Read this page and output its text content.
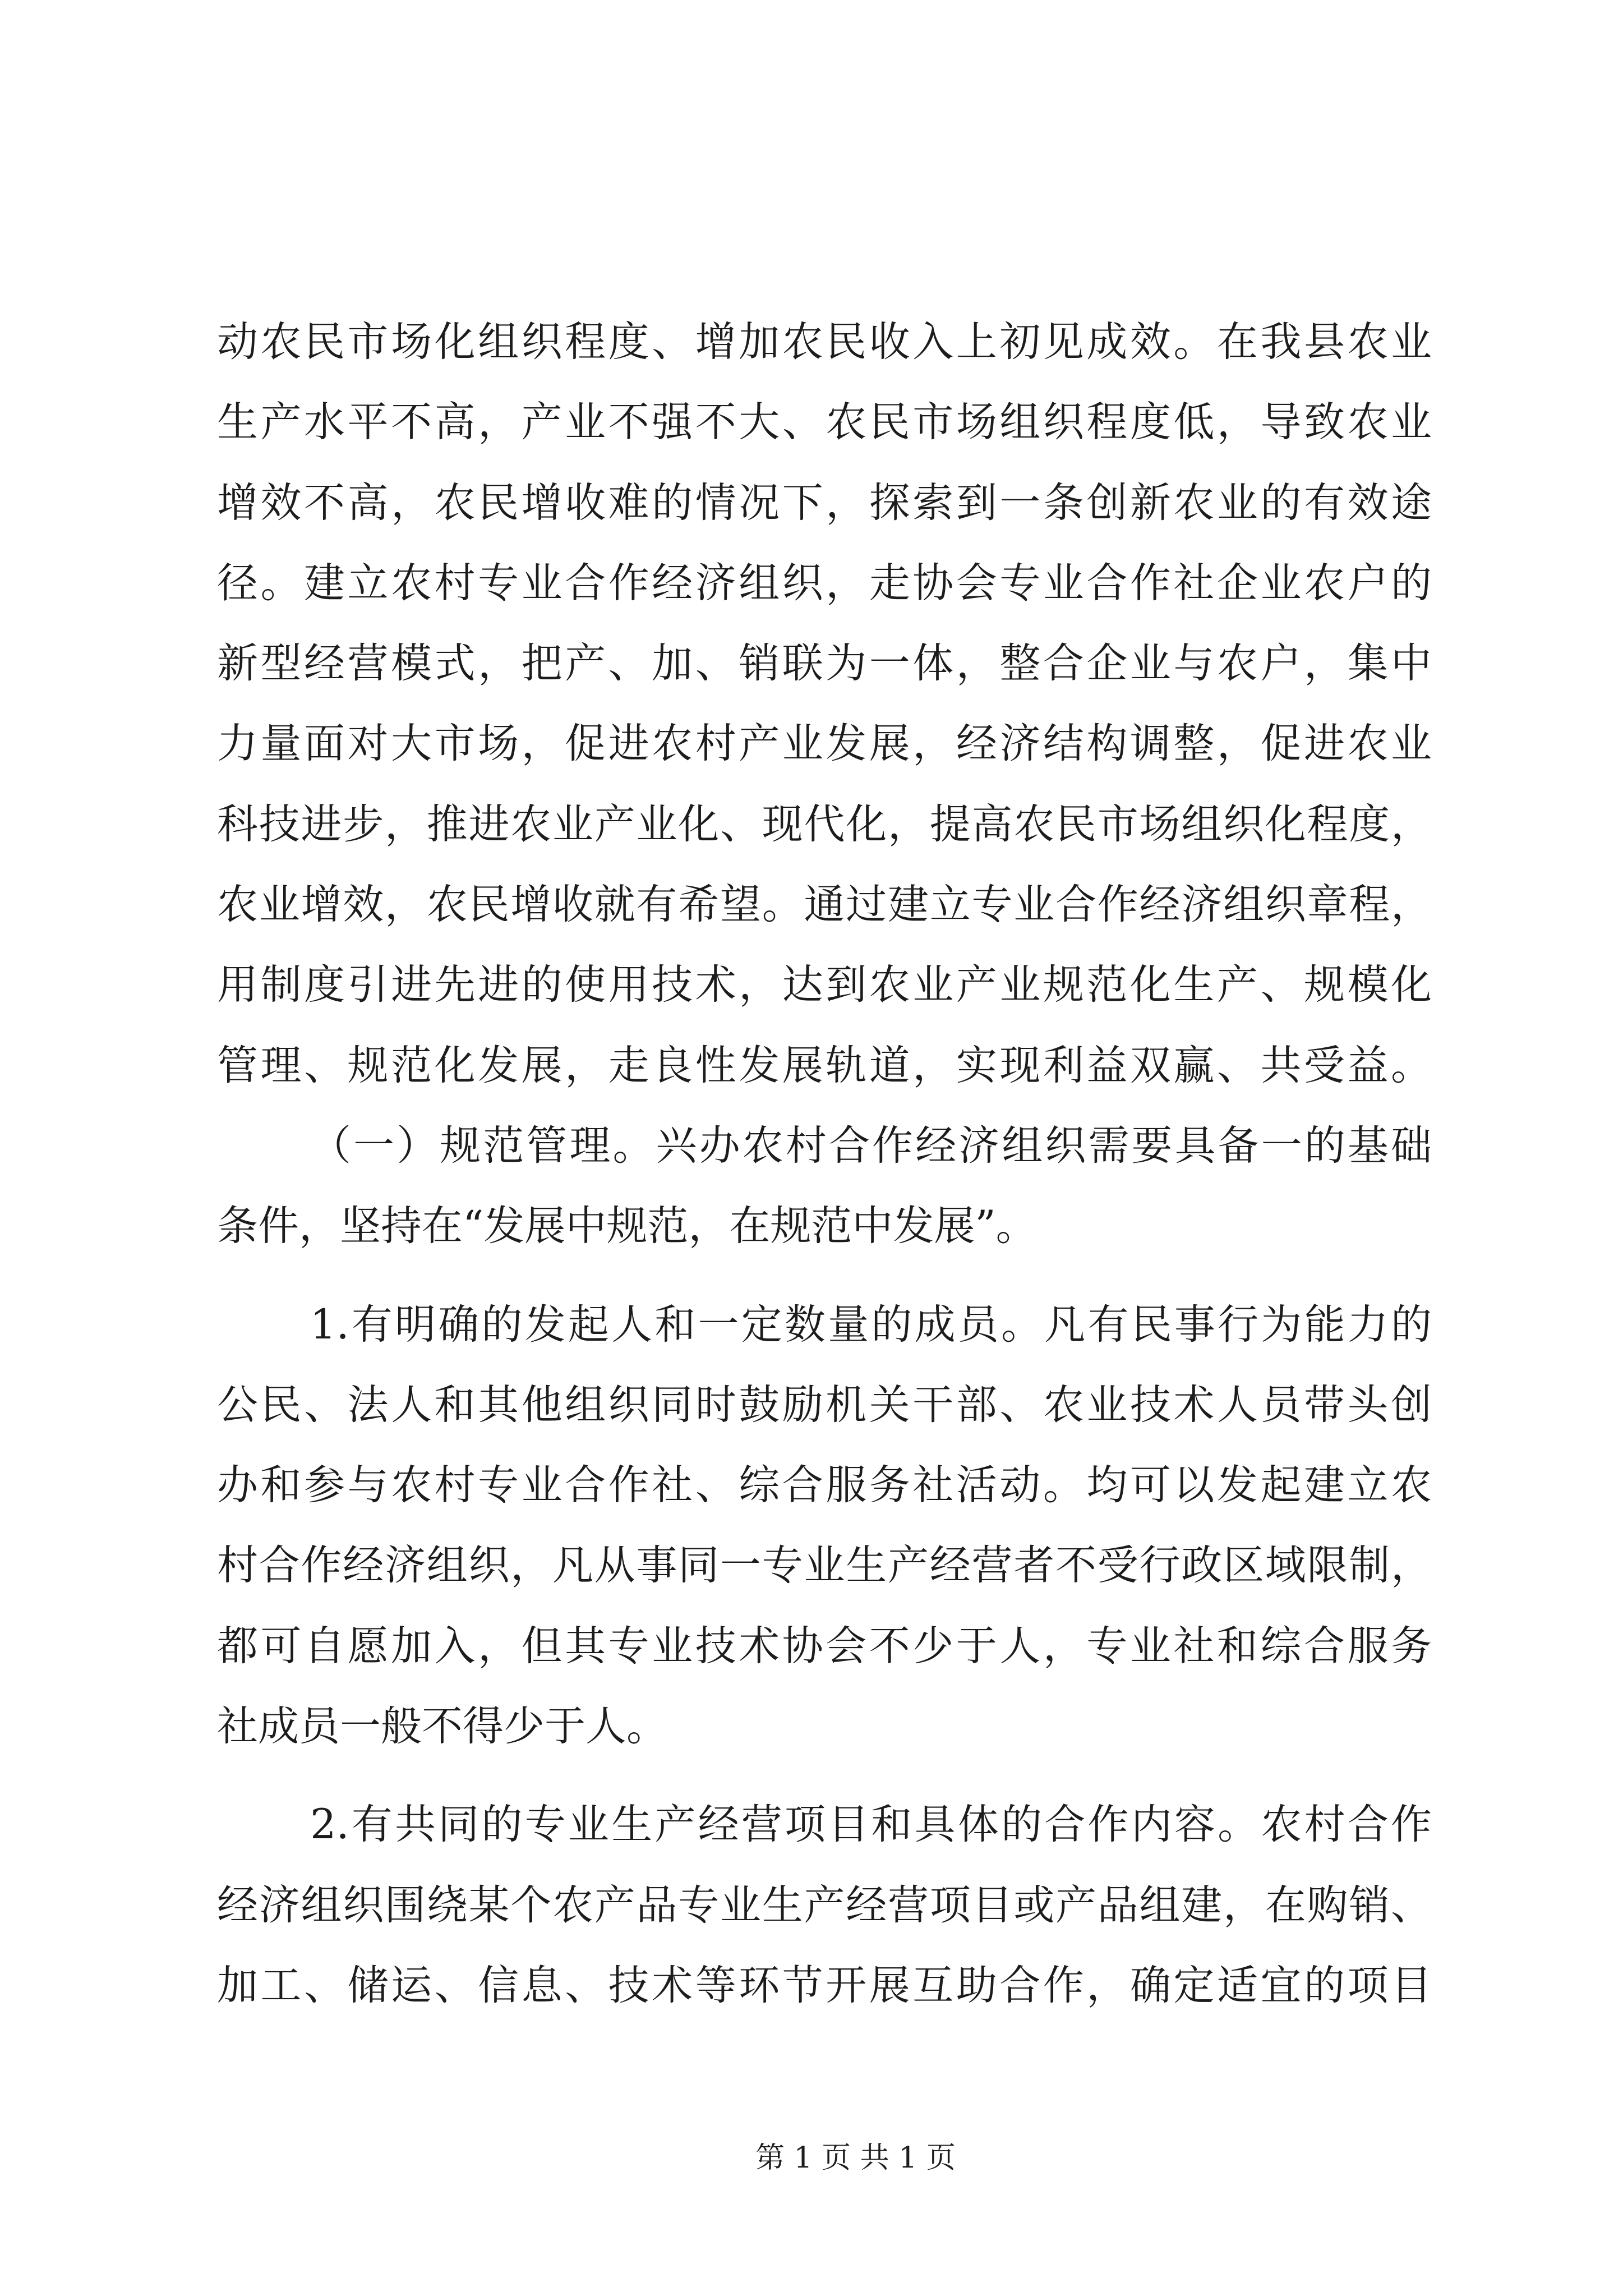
动农民市场化组织程度、增加农民收入上初见成效。在我县农业
生产水平不高，产业不强不大、农民市场组织程度低，导致农业
增效不高，农民增收难的情况下，探索到一条创新农业的有效途
径。建立农村专业合作经济组织，走协会专业合作社企业农户的
新型经营模式，把产、加、销联为一体，整合企业与农户，集中
力量面对大市场，促进农村产业发展，经济结构调整，促进农业
科技进步，推进农业产业化、现代化，提高农民市场组织化程度，
农业增效，农民增收就有希望。通过建立专业合作经济组织章程，
用制度引进先进的使用技术，达到农业产业规范化生产、规模化
管理、规范化发展，走良性发展轨道，实现利益双赢、共受益。
（一）规范管理。兴办农村合作经济组织需要具备一的基础
条件，坚持在“发展中规范，在规范中发展”。
1.有明确的发起人和一定数量的成员。凡有民事行为能力的
公民、法人和其他组织同时鼓励机关干部、农业技术人员带头创
办和参与农村专业合作社、综合服务社活动。均可以发起建立农
村合作经济组织，凡从事同一专业生产经营者不受行政区域限制，
都可自愿加入，但其专业技术协会不少于人，专业社和综合服务
社成员一般不得少于人。
2.有共同的专业生产经营项目和具体的合作内容。农村合作
经济组织围绕某个农产品专业生产经营项目或产品组建，在购销、
加工、储运、信息、技术等环节开展互助合作，确定适宜的项目
第 1 页 共 1 页
